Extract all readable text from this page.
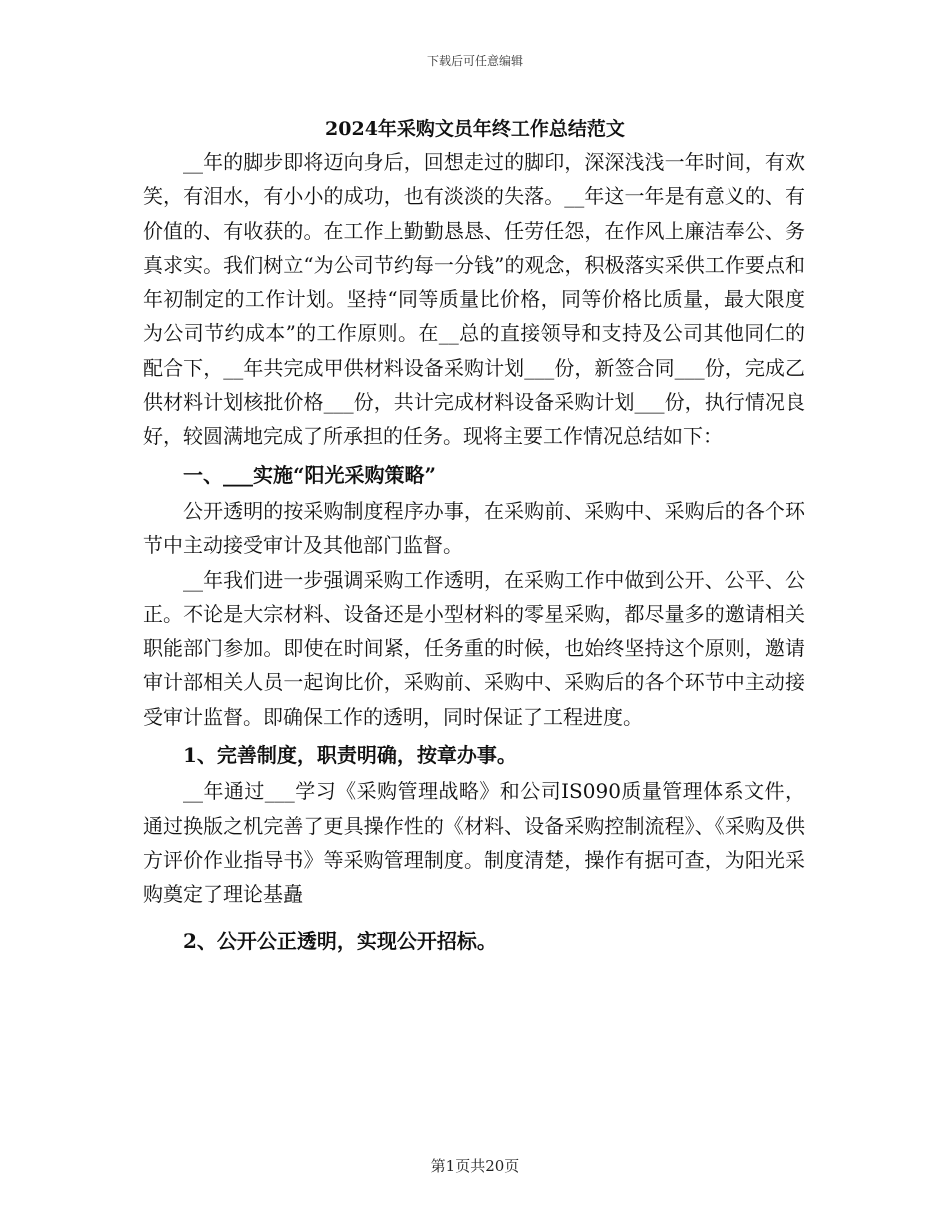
下载后可任意编辑
2024年采购文员年终工作总结范文

__年的脚步即将迈向身后，回想走过的脚印，深深浅浅一年时间，有欢笑，有泪水，有小小的成功，也有淡淡的失落。__年这一年是有意义的、有价值的、有收获的。在工作上勤勤恳恳、任劳任怨，在作风上廉洁奉公、务真求实。我们树立“为公司节约每一分钱”的观念，积极落实采供工作要点和年初制定的工作计划。坚持“同等质量比价格，同等价格比质量，最大限度为公司节约成本”的工作原则。在__总的直接领导和支持及公司其他同仁的配合下，__年共完成甲供材料设备采购计划___份，新签合同___份，完成乙供材料计划核批价格___份，共计完成材料设备采购计划___份，执行情况良好，较圆满地完成了所承担的任务。现将主要工作情况总结如下：

一、___实施“阳光采购策略”

公开透明的按采购制度程序办事，在采购前、采购中、采购后的各个环节中主动接受审计及其他部门监督。

__年我们进一步强调采购工作透明，在采购工作中做到公开、公平、公正。不论是大宗材料、设备还是小型材料的零星采购，都尽量多的邀请相关职能部门参加。即使在时间紧，任务重的时候，也始终坚持这个原则，邀请审计部相关人员一起询比价，采购前、采购中、采购后的各个环节中主动接受审计监督。即确保工作的透明，同时保证了工程进度。

1、完善制度，职责明确，按章办事。

__年通过___学习《采购管理战略》和公司IS090质量管理体系文件，通过换版之机完善了更具操作性的《材料、设备采购控制流程》、《采购及供方评价作业指导书》等采购管理制度。制度清楚，操作有据可查，为阳光采购奠定了理论基矗

2、公开公正透明，实现公开招标。

第1页共20页
